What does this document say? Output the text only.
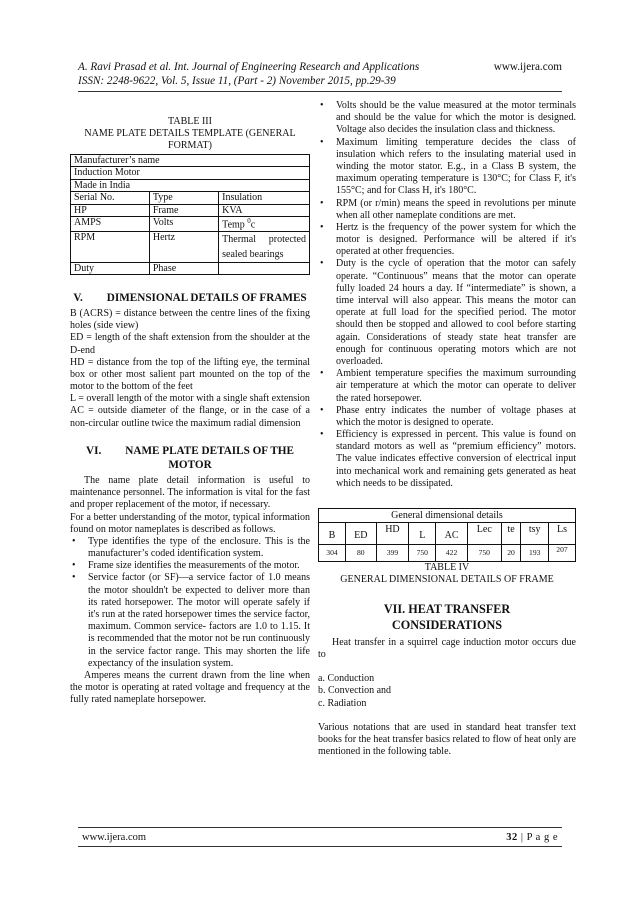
A. Ravi Prasad et al. Int. Journal of Engineering Research and Applications
ISSN: 2248-9622, Vol. 5, Issue 11, (Part - 2) November 2015, pp.29-39
www.ijera.com
TABLE III
NAME PLATE DETAILS TEMPLATE (GENERAL FORMAT)
Manufacturer’s name		
Induction Motor		
Made in India		
Serial No.	Type	Insulation
HP	Frame	KVA
AMPS	Volts	Temp $^0$c
RPM	Hertz	Thermal protected sealed bearings
Duty	Phase	
V. DIMENSIONAL DETAILS OF FRAMES

B (ACRS) = distance between the centre lines of the fixing holes (side view)

ED = length of the shaft extension from the shoulder at the D-end

HD = distance from the top of the lifting eye, the terminal box or other most salient part mounted on the top of the motor to the bottom of the feet

L = overall length of the motor with a single shaft extension

AC = outside diameter of the flange, or in the case of a non-circular outline twice the maximum radial dimension

VI. NAME PLATE DETAILS OF THE MOTOR

The name plate detail information is useful to maintenance personnel. The information is vital for the fast and proper replacement of the motor, if necessary.

For a better understanding of the motor, typical information found on motor nameplates is described as follows.

• Type identifies the type of the enclosure. This is the manufacturer’s coded identification system.
• Frame size identifies the measurements of the motor.
• Service factor (or SF)—a service factor of 1.0 means the motor shouldn't be expected to deliver more than its rated horsepower. The motor will operate safely if it's run at the rated horsepower times the service factor, maximum. Common service- factors are 1.0 to 1.15. It is recommended that the motor not be run continuously in the service factor range. This may shorten the life expectancy of the insulation system.

Amperes means the current drawn from the line when the motor is operating at rated voltage and frequency at the fully rated nameplate horsepower.

• Volts should be the value measured at the motor terminals and should be the value for which the motor is designed. Voltage also decides the insulation class and thickness.
• Maximum limiting temperature decides the class of insulation which refers to the insulating material used in winding the motor stator. E.g., in a Class B system, the maximum operating temperature is 130°C; for Class F, it's 155°C; and for Class H, it's 180°C.
• RPM (or r/min) means the speed in revolutions per minute when all other nameplate conditions are met.
• Hertz is the frequency of the power system for which the motor is designed. Performance will be altered if it's operated at other frequencies.
• Duty is the cycle of operation that the motor can safely operate. “Continuous” means that the motor can operate fully loaded 24 hours a day. If “intermediate” is shown, a time interval will also appear. This means the motor can operate at full load for the specified period. The motor should then be stopped and allowed to cool before starting again. Considerations of steady state heat transfer are enough for continuous operating motors which are not overloaded.
• Ambient temperature specifies the maximum surrounding air temperature at which the motor can operate to deliver the rated horsepower.
• Phase entry indicates the number of voltage phases at which the motor is designed to operate.
• Efficiency is expressed in percent. This value is found on standard motors as well as “premium efficiency” motors. The value indicates effective conversion of electrical input into mechanical work and remaining gets generated as heat which needs to be dissipated.
General dimensional details								
B	ED	HD	L	AC	Lec	te	tsy	Ls
304	80	399	750	422	750	20	193	207
TABLE IV
GENERAL DIMENSIONAL DETAILS OF FRAME
VII. HEAT TRANSFER CONSIDERATIONS

Heat transfer in a squirrel cage induction motor occurs due to

a. Conduction
b. Convection and
c. Radiation

Various notations that are used in standard heat transfer text books for the heat transfer basics related to flow of heat only are mentioned in the following table.

www.ijera.com	32 | P a g e
